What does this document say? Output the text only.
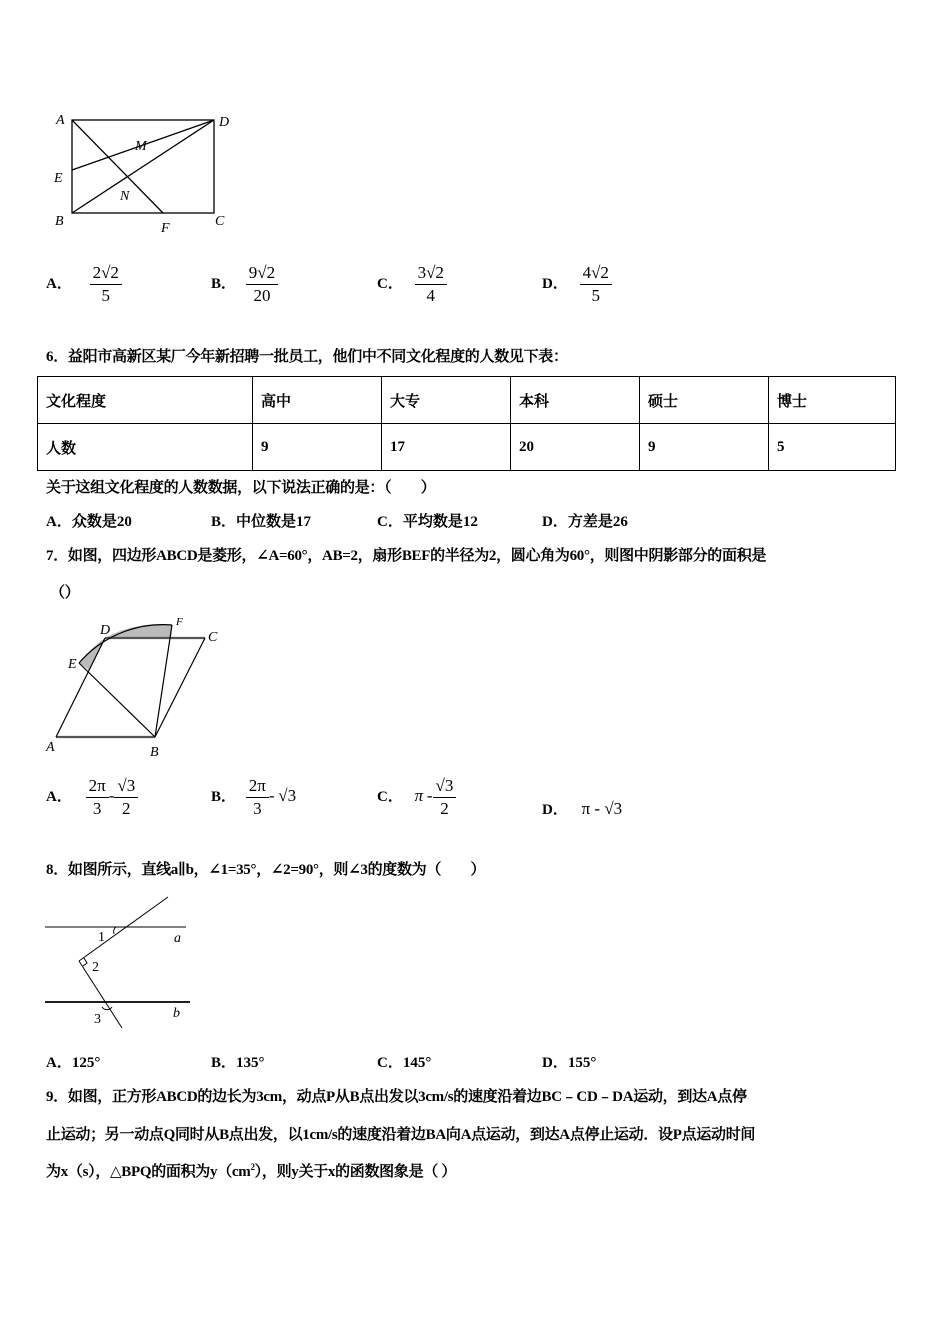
A	D
E
B	C
F
M
N
A． $\frac{2√2}{5}$	B． $\frac{9√2}{20}$	C． $\frac{3√2}{4}$	D． $\frac{4√2}{5}$
6．益阳市高新区某厂今年新招聘一批员工，他们中不同文化程度的人数见下表：
文化程度	高中	大专	本科	硕士	博士
人数	9	17	20	9	5
关于这组文化程度的人数数据，以下说法正确的是：（　　）
A．众数是20	B．中位数是17	C．平均数是12	D．方差是26
7．如图，四边形ABCD是菱形，∠A=60°，AB=2，扇形BEF的半径为2，圆心角为60°，则图中阴影部分的面积是
（）
A	B
C
D
E
F
A． $\frac{2\pi}{3} - \frac{√3}{2}$	B． $\frac{2\pi}{3} - √3$	C． π - $\frac{√3}{2}$	D． π - √3
8．如图所示，直线a∥b，∠1=35°，∠2=90°，则∠3的度数为（　　）
1
2
3
a
b
A．125°	B．135°	C．145°	D．155°
9．如图，正方形ABCD的边长为3cm，动点P从B点出发以3cm/s的速度沿着边BC﹣CD﹣DA运动，到达A点停
止运动；另一动点Q同时从B点出发，以1cm/s的速度沿着边BA向A点运动，到达A点停止运动．设P点运动时间
为x（s），△BPQ的面积为$y(cm^2)$，则y关于x的函数图象是（ ）
